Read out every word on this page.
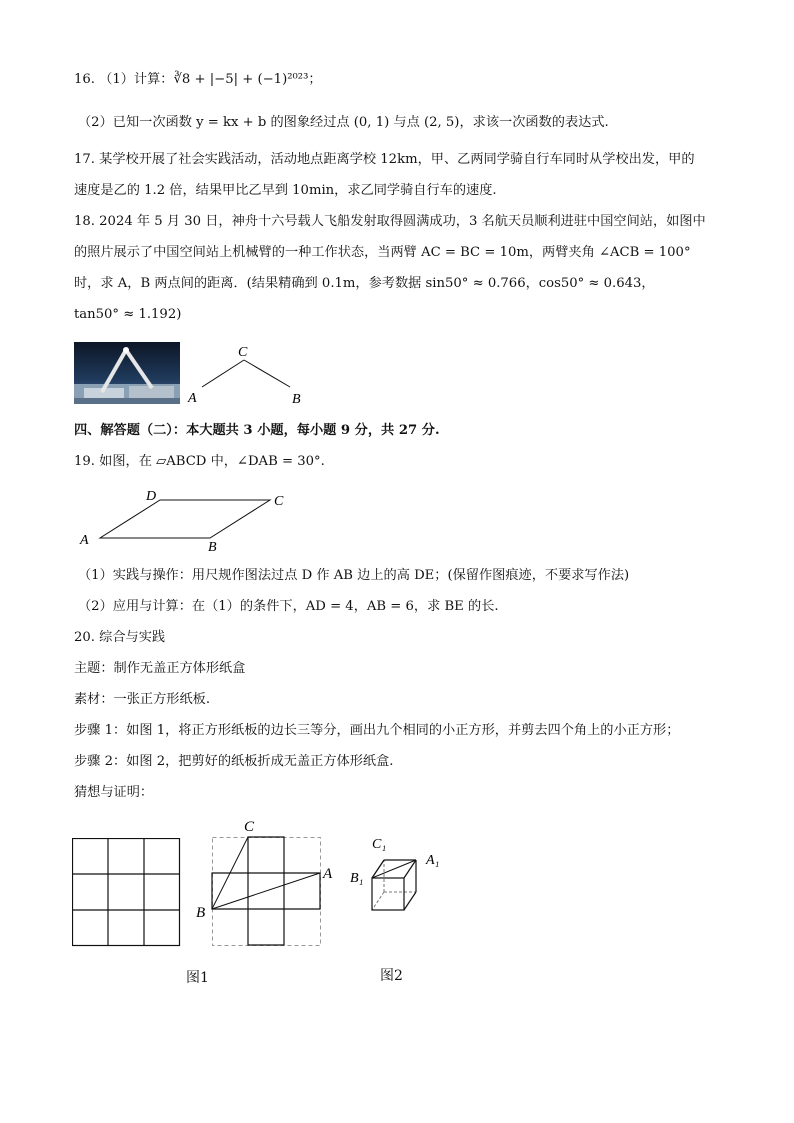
16. （1）计算：∛8 + |−5| + (−1)²⁰²³；
（2）已知一次函数 y = kx + b 的图象经过点 (0, 1) 与点 (2, 5)，求该一次函数的表达式.
17. 某学校开展了社会实践活动，活动地点距离学校 12km，甲、乙两同学骑自行车同时从学校出发，甲的
速度是乙的 1.2 倍，结果甲比乙早到 10min，求乙同学骑自行车的速度.
18. 2024 年 5 月 30 日，神舟十六号载人飞船发射取得圆满成功，3 名航天员顺利进驻中国空间站，如图中
的照片展示了中国空间站上机械臂的一种工作状态，当两臂 AC = BC = 10m，两臂夹角 ∠ACB = 100°
时，求 A，B 两点间的距离．(结果精确到 0.1m，参考数据 sin50° ≈ 0.766，cos50° ≈ 0.643，
tan50° ≈ 1.192)
A
C
B
四、解答题（二）：本大题共 3 小题，每小题 9 分，共 27 分.
19. 如图，在 ▱ABCD 中，∠DAB = 30°.
D	C
A	B
（1）实践与操作：用尺规作图法过点 D 作 AB 边上的高 DE；(保留作图痕迹，不要求写作法)
（2）应用与计算：在（1）的条件下，AD = 4，AB = 6，求 BE 的长.
20. 综合与实践
主题：制作无盖正方体形纸盒
素材：一张正方形纸板.
步骤 1：如图 1，将正方形纸板的边长三等分，画出九个相同的小正方形，并剪去四个角上的小正方形；
步骤 2：如图 2，把剪好的纸板折成无盖正方体形纸盒.
猜想与证明：
C
A
B
C₁
A₁
B₁
图1	图2
